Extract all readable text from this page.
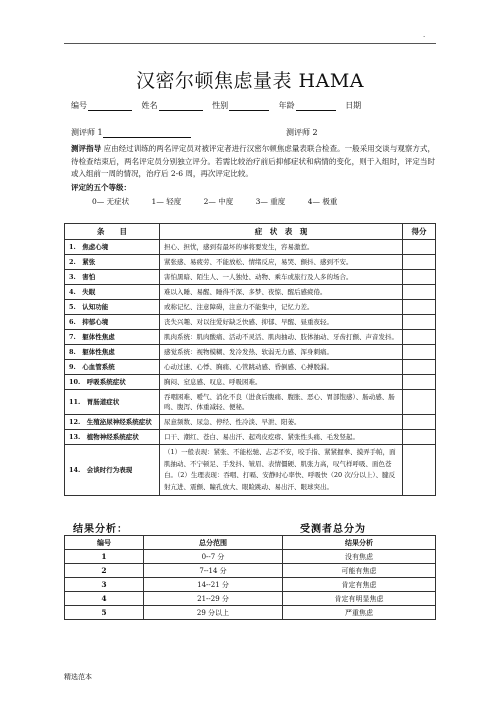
.
汉密尔顿焦虑量表 HAMA
编号	姓名	性别	年龄	日期
测评师 1	测评师 2
测评指导 应由经过训练的两名评定员对被评定者进行汉密尔顿焦虑量表联合检查。一般采用交谈与观察方式，待检查结束后，两名评定员分别独立评分。若需比较治疗前后抑郁症状和病情的变化，则于入组时，评定当时或入组前一周的情况，治疗后 2-6 周，再次评定比较。
评定的五个等级：
0— 无症状	1— 轻度	2— 中度	3— 重度	4— 极重
条　　目	症　状　表　现	得分
1.　焦虑心境	担心、担忧，感到有最坏的事将要发生，容易激惹。	
2.　紧张	紧张感、易疲劳、不能放松、情绪反应，易哭、颤抖、感到不安。	
3.　害怕	害怕黑暗、陌生人、一人独处、动物、乘车或旅行及人多的场合。	
4.　失眠	难以入睡、易醒、睡得不深、多梦、夜惊、醒后感疲倦。	
5.　认知功能	或称记忆、注意障碍，注意力不能集中，记忆力差。	
6.　抑郁心境	丧失兴趣、对以往爱好缺乏快感、抑郁、早醒、昼重夜轻。	
7.　躯体性焦虑	肌肉系统：肌肉酸痛、活动不灵活、肌肉抽动、肢体抽动、牙齿打颤、声音发抖。	
8.　躯体性焦虑	感觉系统：视物模糊、发冷发热、软弱无力感、浑身刺痛。	
9.　心血管系统	心动过速、心悸、胸痛、心管跳动感、昏倒感、心搏脱漏。	
10.　呼吸系统症状	胸闷、窒息感、叹息、呼吸困难。	
11.　胃肠道症状	吞咽困难、嗳气、消化不良（进食后腹痛、腹胀、恶心、胃部饱感）、肠动感、肠鸣、腹泻、体重减轻、便秘。	
12.　生殖泌尿神经系统症状	尿意频数、尿急、停经、性冷淡、早泄、阳萎。	
13.　植物神经系统症状	口干、潮红、苍白、易出汗、起鸡皮疙瘩、紧张性头痛、毛发竖起。	
14.　会谈时行为表现	（1）一般表现：紧张、不能松驰、忐忑不安，咬手指、紧紧握拳、摸弄手帕，面肌抽动、不宁顿足、手发抖、皱眉、表情僵硬、肌张力高，叹气样呼吸、面色苍白。（2）生理表现：吞咽、打嗝、安静时心率快、呼吸快（20 次/分以上）、腱反射亢进、震颤、瞳孔放大、眼睑跳动、易出汗、眼球突出。	
结果分析：	受测者总分为
编号	总分范围	结果分析
1	0--7 分	没有焦虑
2	7--14 分	可能有焦虑
3	14--21 分	肯定有焦虑
4	21--29 分	肯定有明显焦虑
5	29 分以上	严重焦虑
精选范本
